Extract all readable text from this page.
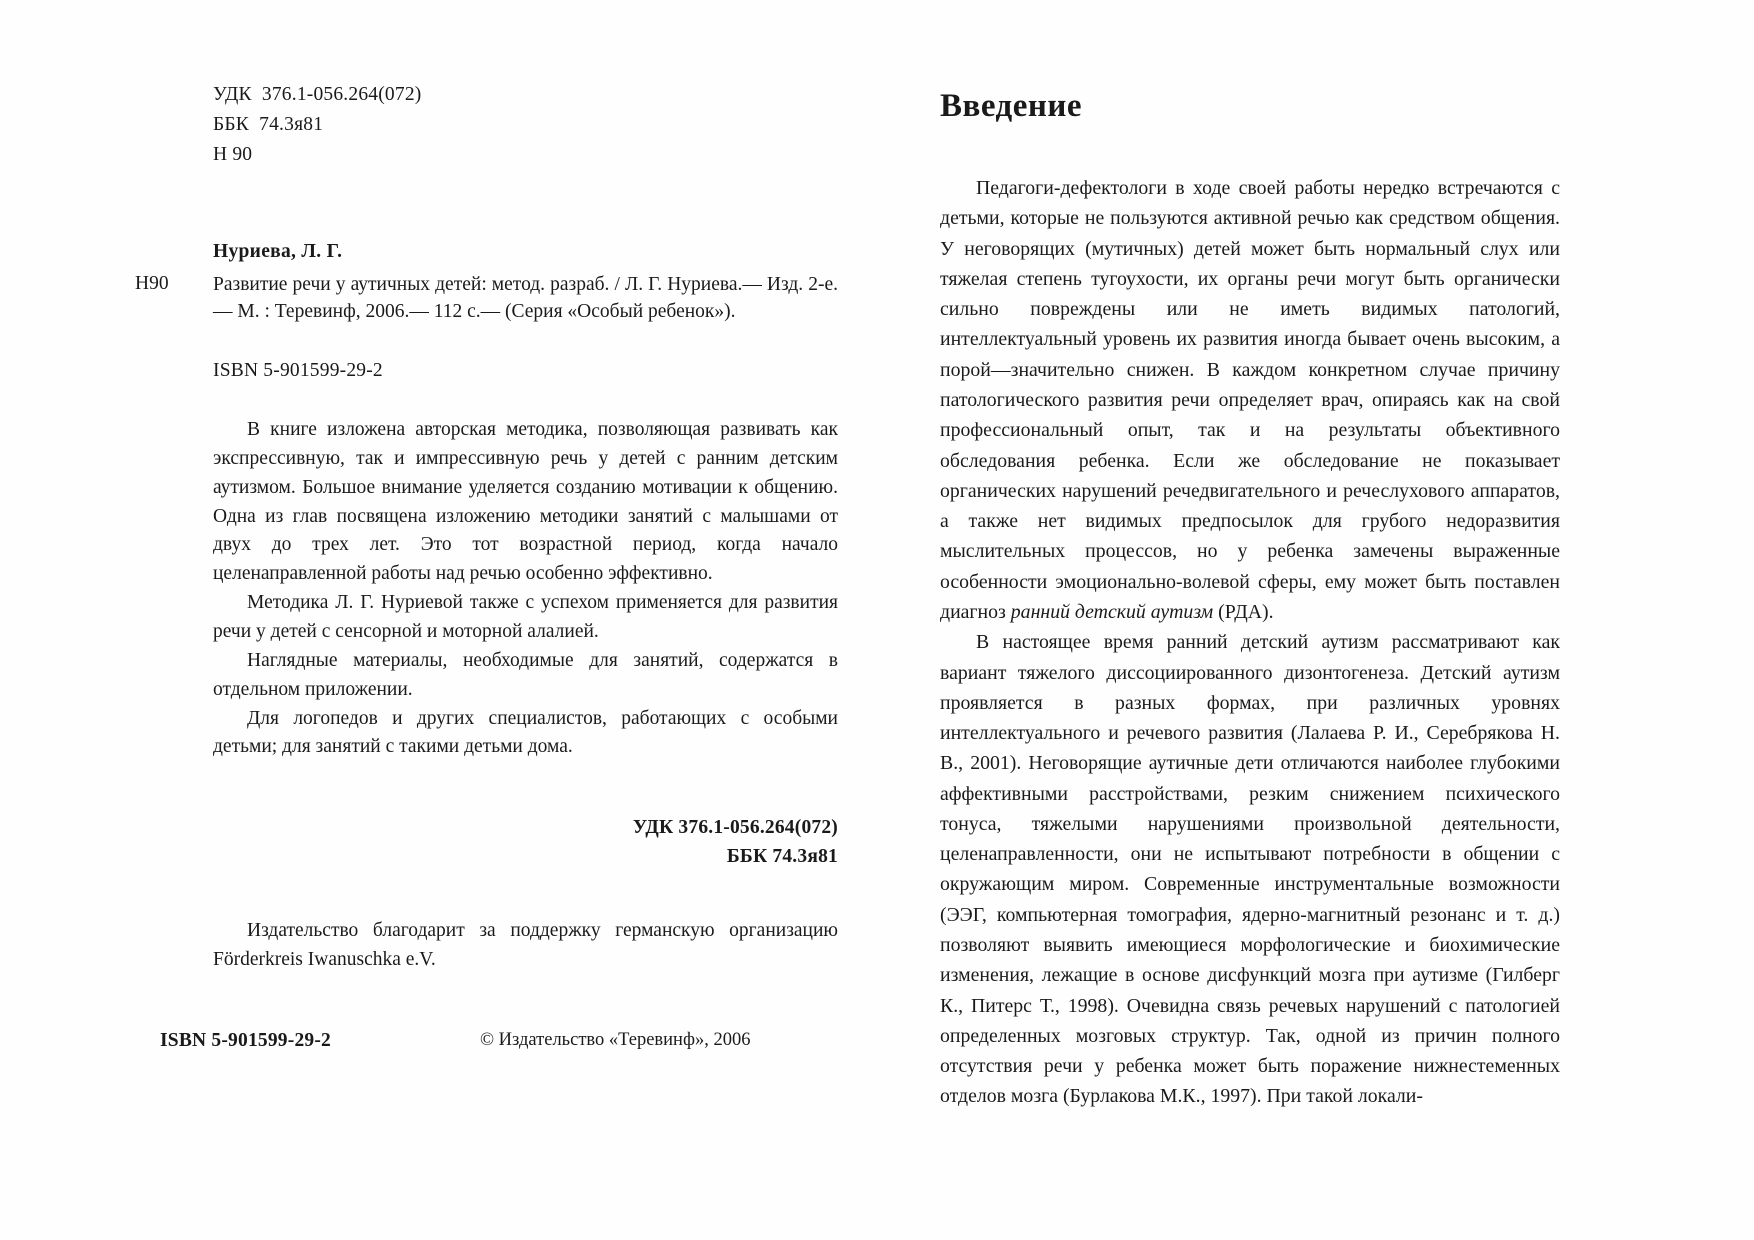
УДК  376.1-056.264(072)
ББК  74.3я81
Н 90
Нуриева, Л. Г.
Н90 Развитие речи у аутичных детей: метод. разраб. / Л. Г. Нуриева.— Изд. 2-е.— М. : Теревинф, 2006.— 112 с.— (Серия «Особый ребенок»).
ISBN 5-901599-29-2

В книге изложена авторская методика, позволяющая развивать как экспрессивную, так и импрессивную речь у детей с ранним детским аутизмом. Большое внимание уделяется созданию мотивации к общению. Одна из глав посвящена изложению методики занятий с малышами от двух до трех лет. Это тот возрастной период, когда начало целенаправленной работы над речью особенно эффективно.

Методика Л. Г. Нуриевой также с успехом применяется для развития речи у детей с сенсорной и моторной алалией.

Наглядные материалы, необходимые для занятий, содержатся в отдельном приложении.

Для логопедов и других специалистов, работающих с особыми детьми; для занятий с такими детьми дома.

УДК 376.1-056.264(072)
ББК 74.3я81

Издательство благодарит за поддержку германскую организацию Förderkreis Iwanuschka e.V.

ISBN 5-901599-29-2	© Издательство «Теревинф», 2006
Введение

Педагоги-дефектологи в ходе своей работы нередко встречаются с детьми, которые не пользуются активной речью как средством общения. У неговорящих (мутичных) детей может быть нормальный слух или тяжелая степень тугоухости, их органы речи могут быть органически сильно повреждены или не иметь видимых патологий, интеллектуальный уровень их развития иногда бывает очень высоким, а порой—значительно снижен. В каждом конкретном случае причину патологического развития речи определяет врач, опираясь как на свой профессиональный опыт, так и на результаты объективного обследования ребенка. Если же обследование не показывает органических нарушений речедвигательного и речеслухового аппаратов, а также нет видимых предпосылок для грубого недоразвития мыслительных процессов, но у ребенка замечены выраженные особенности эмоционально-волевой сферы, ему может быть поставлен диагноз ранний детский аутизм (РДА).

В настоящее время ранний детский аутизм рассматривают как вариант тяжелого диссоциированного дизонтогенеза. Детский аутизм проявляется в разных формах, при различных уровнях интеллектуального и речевого развития (Лалаева Р. И., Серебрякова Н. В., 2001). Неговорящие аутичные дети отличаются наиболее глубокими аффективными расстройствами, резким снижением психического тонуса, тяжелыми нарушениями произвольной деятельности, целенаправленности, они не испытывают потребности в общении с окружающим миром. Современные инструментальные возможности (ЭЭГ, компьютерная томография, ядерно-магнитный резонанс и т. д.) позволяют выявить имеющиеся морфологические и биохимические изменения, лежащие в основе дисфункций мозга при аутизме (Гилберг К., Питерс Т., 1998). Очевидна связь речевых нарушений с патологией определенных мозговых структур. Так, одной из причин полного отсутствия речи у ребенка может быть поражение нижнестеменных отделов мозга (Бурлакова М.К., 1997). При такой локали-
